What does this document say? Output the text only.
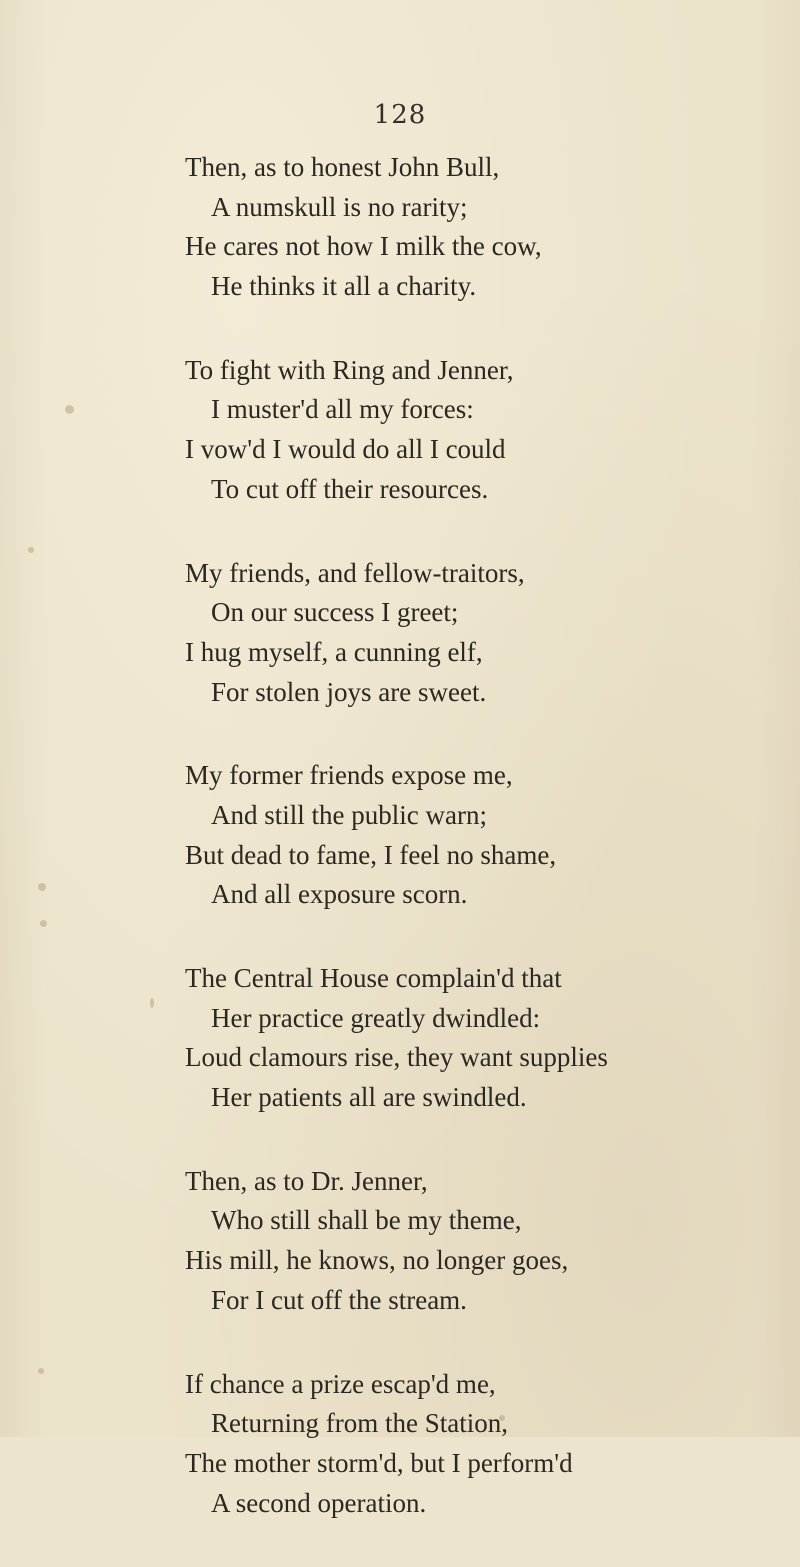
128
Then, as to honest John Bull,
A numskull is no rarity;
He cares not how I milk the cow,
He thinks it all a charity.
To fight with Ring and Jenner,
I muster'd all my forces:
I vow'd I would do all I could
To cut off their resources.
My friends, and fellow-traitors,
On our success I greet;
I hug myself, a cunning elf,
For stolen joys are sweet.
My former friends expose me,
And still the public warn;
But dead to fame, I feel no shame,
And all exposure scorn.
The Central House complain'd that
Her practice greatly dwindled:
Loud clamours rise, they want supplies
Her patients all are swindled.
Then, as to Dr. Jenner,
Who still shall be my theme,
His mill, he knows, no longer goes,
For I cut off the stream.
If chance a prize escap'd me,
Returning from the Station,
The mother storm'd, but I perform'd
A second operation.
